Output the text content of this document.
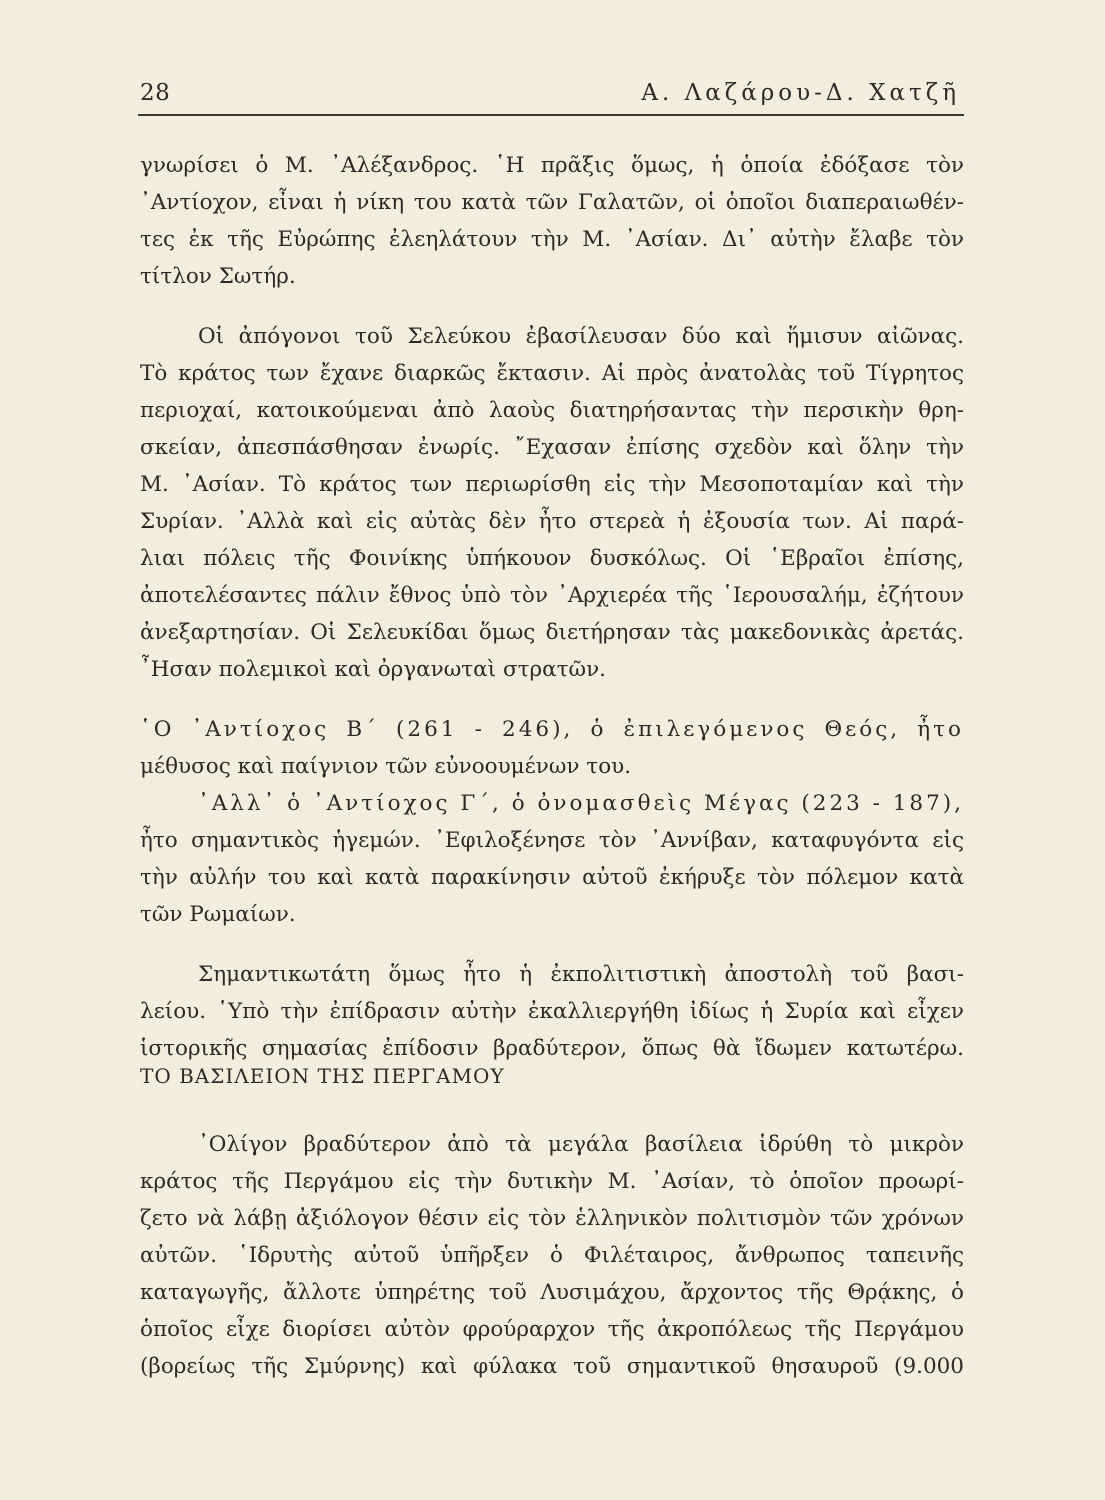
28	Α. Λαζάρου-Δ. Χατζῆ
γνωρίσει ὁ Μ. ᾿Αλέξανδρος. ῾Η πρᾶξις ὅμως, ἡ ὁποία ἐδόξασε τὸν
᾿Αντίοχον, εἶναι ἡ νίκη του κατὰ τῶν Γαλατῶν, οἱ ὁποῖοι διαπεραιωθέν-
τες ἐκ τῆς Εὐρώπης ἐλεηλάτουν τὴν Μ. ᾿Ασίαν. Δι᾿ αὐτὴν ἔλαβε τὸν
τίτλον Σωτήρ.
Οἱ ἀπόγονοι τοῦ Σελεύκου ἐβασίλευσαν δύο καὶ ἥμισυν αἰῶνας.
Τὸ κράτος των ἔχανε διαρκῶς ἔκτασιν. Αἱ πρὸς ἀνατολὰς τοῦ Τίγρητος
περιοχαί, κατοικούμεναι ἀπὸ λαοὺς διατηρήσαντας τὴν περσικὴν θρη-
σκείαν, ἀπεσπάσθησαν ἐνωρίς. ῎Εχασαν ἐπίσης σχεδὸν καὶ ὅλην τὴν
Μ. ᾿Ασίαν. Τὸ κράτος των περιωρίσθη εἰς τὴν Μεσοποταμίαν καὶ τὴν
Συρίαν. ᾿Αλλὰ καὶ εἰς αὐτὰς δὲν ἦτο στερεὰ ἡ ἐξουσία των. Αἱ παρά-
λιαι πόλεις τῆς Φοινίκης ὑπήκουον δυσκόλως. Οἱ ῾Εβραῖοι ἐπίσης,
ἀποτελέσαντες πάλιν ἔθνος ὑπὸ τὸν ᾿Αρχιερέα τῆς ῾Ιερουσαλήμ, ἐζήτουν
ἀνεξαρτησίαν. Οἱ Σελευκίδαι ὅμως διετήρησαν τὰς μακεδονικὰς ἀρετάς.
῏Ησαν πολεμικοὶ καὶ ὀργανωταὶ στρατῶν.
῾Ο ᾿Αντίοχος Β΄ (261 - 246), ὁ ἐπιλεγόμενος Θεός, ἦτο
μέθυσος καὶ παίγνιον τῶν εὐνοουμένων του.
᾿Αλλ᾿ ὁ ᾿Αντίοχος Γ΄, ὁ ὀνομασθεὶς Μέγας (223 - 187),
ἦτο σημαντικὸς ἡγεμών. ᾿Εφιλοξένησε τὸν ᾿Αννίβαν, καταφυγόντα εἰς
τὴν αὐλήν του καὶ κατὰ παρακίνησιν αὐτοῦ ἐκήρυξε τὸν πόλεμον κατὰ
τῶν Ρωμαίων.
Σημαντικωτάτη ὅμως ἦτο ἡ ἐκπολιτιστικὴ ἀποστολὴ τοῦ βασι-
λείου. ῾Υπὸ τὴν ἐπίδρασιν αὐτὴν ἐκαλλιεργήθη ἰδίως ἡ Συρία καὶ εἶχεν
ἱστορικῆς σημασίας ἐπίδοσιν βραδύτερον, ὅπως θὰ ἴδωμεν κατωτέρω.
ΤΟ ΒΑΣΙΛΕΙΟΝ ΤΗΣ ΠΕΡΓΑΜΟΥ
᾿Ολίγον βραδύτερον ἀπὸ τὰ μεγάλα βασίλεια ἱδρύθη τὸ μικρὸν
κράτος τῆς Περγάμου εἰς τὴν δυτικὴν Μ. ᾿Ασίαν, τὸ ὁποῖον προωρί-
ζετο νὰ λάβῃ ἀξιόλογον θέσιν εἰς τὸν ἑλληνικὸν πολιτισμὸν τῶν χρόνων
αὐτῶν. ῾Ιδρυτὴς αὐτοῦ ὑπῆρξεν ὁ Φιλέταιρος, ἄνθρωπος ταπεινῆς
καταγωγῆς, ἄλλοτε ὑπηρέτης τοῦ Λυσιμάχου, ἄρχοντος τῆς Θρᾴκης, ὁ
ὁποῖος εἶχε διορίσει αὐτὸν φρούραρχον τῆς ἀκροπόλεως τῆς Περγάμου
(βορείως τῆς Σμύρνης) καὶ φύλακα τοῦ σημαντικοῦ θησαυροῦ (9.000
